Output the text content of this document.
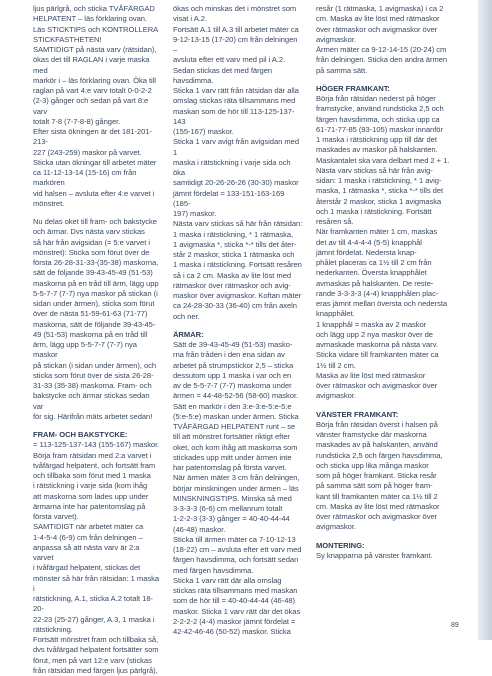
ljus pärlgrå, och sticka TVÅFÄRGAD
HELPATENT – läs förklaring ovan.
Läs STICKTIPS och KONTROLLERA
STICKFASTHETEN!
SAMTIDIGT på nästa varv (rätsidan),
ökas det till RAGLAN i varje maska med
markör i – läs förklaring ovan. Öka till
raglan på vart 4:e varv totalt 0-0-2-2
(2-3) gånger och sedan på vart 8:e varv
totalt 7-8 (7-7-8-8) gånger.
Efter sista ökningen är det 181-201-213-
227 (243-259) maskor på varvet.
Sticka utan ökningar till arbetet mäter
ca 11-12-13-14 (15-16) cm från markören
vid halsen – avsluta efter 4:e varvet i
mönstret.

Nu delas oket till fram- och bakstycke
och ärmar. Dvs nästa varv stickas
så här från avigsidan (= 5:e varvet i
mönstret): Sticka som förut över de
första 26-28-31-33-(35-38) maskorna,
sätt de följande 39-43-45-49 (51-53)
maskorna på en tråd till ärm, lägg upp
5-5-7-7 (7-7) nya maskor på stickan (i
sidan under ärmen), sticka som förut
över de nästa 51-59-61-63 (71-77)
maskorna, sätt de följande 39-43-45-
49 (51-53) maskorna på en tråd till
ärm, lägg upp 5-5-7-7 (7-7) nya maskor
på stickan (i sidan under ärmen), och
sticka som förut över de sista 26-28-
31-33 (35-38) maskorna. Fram- och
bakstycke och ärmar stickas sedan var
för sig. Härifrån mäts arbetet sedan!

FRAM- OCH BAKSTYCKE:

= 113-125-137-143 (155-167) maskor.
Börja fram rätsidan med 2:a varvet i
tvåfärgad helpatent, och fortsätt fram
och tillbaka som förut med 1 maska
i rätstickning i varje sida (kom ihåg
att maskorna som lades upp under
ärmarna inte har patentomslag på
första varvet).
SAMTIDIGT när arbetet mäter ca
1-4-5-4 (6-9) cm från delningen –
anpassa så att nästa varv är 2:a varvet
i tvåfärgad helpatent, stickas det
mönster så här från rätsidan: 1 maska i
rätstickning, A.1, sticka A.2 totalt 18-20-
22-23 (25-27) gånger, A.3, 1 maska i
rätstickning.
Fortsätt mönstret fram och tillbaka så,
dvs tvåfärgad helpatent fortsätter som
förut, men på vart 12:e varv (stickas
från rätsidan med färgen ljus pärlgrå),

ökas och minskas det i mönstret som
visat i A.2.
Fortsätt A.1 till A.3 till arbetet mäter ca
9-12-13-15 (17-20) cm från delningen –
avsluta efter ett varv med pil i A.2.
Sedan stickas det med färgen
havsdimma.
Sticka 1 varv rätt från rätsidan där alla
omslag stickas räta tillsammans med
maskan som de hör till 113-125-137-143
(155-167) maskor.
Sticka 1 varv avigt från avigsidan med 1
maska i rätstickning i varje sida och öka
samtidigt 20-26-26-26 (30-30) maskor
jämnt fördelat = 133-151-163-169 (185-
197) maskor.
Nästa varv stickas så här från rätsidan:
1 maska i rätstickning, * 1 rätmaska,
1 avigmaska *, sticka *-* tills det åter-
står 2 maskor, sticka 1 rätmaska och
1 maska i rätstickning. Fortsätt resåren
så i ca 2 cm. Maska av lite löst med
rätmaskor över rätmaskor och avig-
maskor över avigmaskor. Koftan mäter
ca 24-28-30-33 (36-40) cm från axeln
och ner.

ÄRMAR:

Sätt de 39-43-45-49 (51-53) masko-
rna från tråden i den ena sidan av
arbetet på strumpstickor 2,5 – sticka
dessutom upp 1 maska i var och en
av de 5-5-7-7 (7-7) maskorna under
ärmen = 44-48-52-56 (58-60) maskor.
Sätt en markör i den 3:e-3:e-5:e-5:e
(5:e-5:e) maskan under ärmen. Sticka
TVÅFÄRGAD HELPATENT runt – se
till att mönstret fortsätter riktigt efter
oket, och kom ihåg att maskorna som
stickades upp mitt under ärmen inte
har patentomslag på första varvet.
När ärmen mäter 3 cm från delningen,
börjar minskningen under ärmen – läs
MINSKNINGSTIPS. Minska så med
3-3-3-3 (6-6) cm mellanrum totalt
1-2-2-3 (3-3) gånger = 40-40-44-44
(46-48) maskor.
Sticka till ärmen mäter ca 7-10-12-13
(18-22) cm – avsluta efter ett varv med
färgen havsdimma, och fortsätt sedan
med färgen havsdimma.
Sticka 1 varv rätt där alla omslag
stickas räta tillsammans med maskan
som de hör till = 40-40-44-44 (46-48)
maskor. Sticka 1 varv rätt där det ökas
2-2-2-2 (4-4) maskor jämnt fördelat =
42-42-46-46 (50-52) maskor. Sticka

resår (1 rätmaska, 1 avigmaska) i ca 2
cm. Maska av lite löst med rätmaskor
över rätmaskor och avigmaskor över
avigmaskor.
Ärmen mäter ca 9-12-14-15 (20-24) cm
från delningen. Sticka den andra ärmen
på samma sätt.

HÖGER FRAMKANT:

Börja från rätsidan nederst på höger
framstycke, använd rundsticka 2,5 och
färgen havsdimma, och sticka upp ca
61-71-77-85 (93-105) maskor innanför
1 maska i rätstickning upp till där det
maskades av maskor på halskanten.
Maskantalet ska vara delbart med 2 + 1.
Nästa varv stickas så här från avig-
sidan: 1 maska i rätstickning, * 1 avig-
maska, 1 rätmaska *, sticka *-* tills det
återstår 2 maskor, sticka 1 avigmaska
och 1 maska i rätstickning. Fortsätt
resåren så.
När framkanten mäter 1 cm, maskas
det av till 4-4-4-4 (5-5) knapphål
jämnt fördelat. Nedersta knap-
phålet placeras ca 1½ till 2 cm från
nederkanten. Översta knapphålet
avmaskas på halskanten. De reste-
rande 3-3-3-3 (4-4) knapphålen plac-
eras jämnt mellan översta och nedersta
knapphålet.
1 knapphål = maska av 2 maskor
och lägg upp 2 nya maskor över de
avmaskade maskorna på nästa varv.
Sticka vidare till framkanten mäter ca
1½ till 2 cm.
Maska av lite löst med rätmaskor
över rätmaskor och avigmaskor över
avigmaskor.

VÄNSTER FRAMKANT:

Börja från rätsidan överst i halsen på
vänster framstycke där maskorna
maskades av på halskanten, använd
rundsticka 2,5 och färgen havsdimma,
och sticka upp lika många maskor
som på höger framkant. Sticka resår
på samma sätt som på höger fram-
kant till framkanten mäter ca 1½ till 2
cm. Maska av lite löst med rätmaskor
över rätmaskor och avigmaskor över
avigmaskor.

MONTERING:

Sy knapparna på vänster framkant.

89
